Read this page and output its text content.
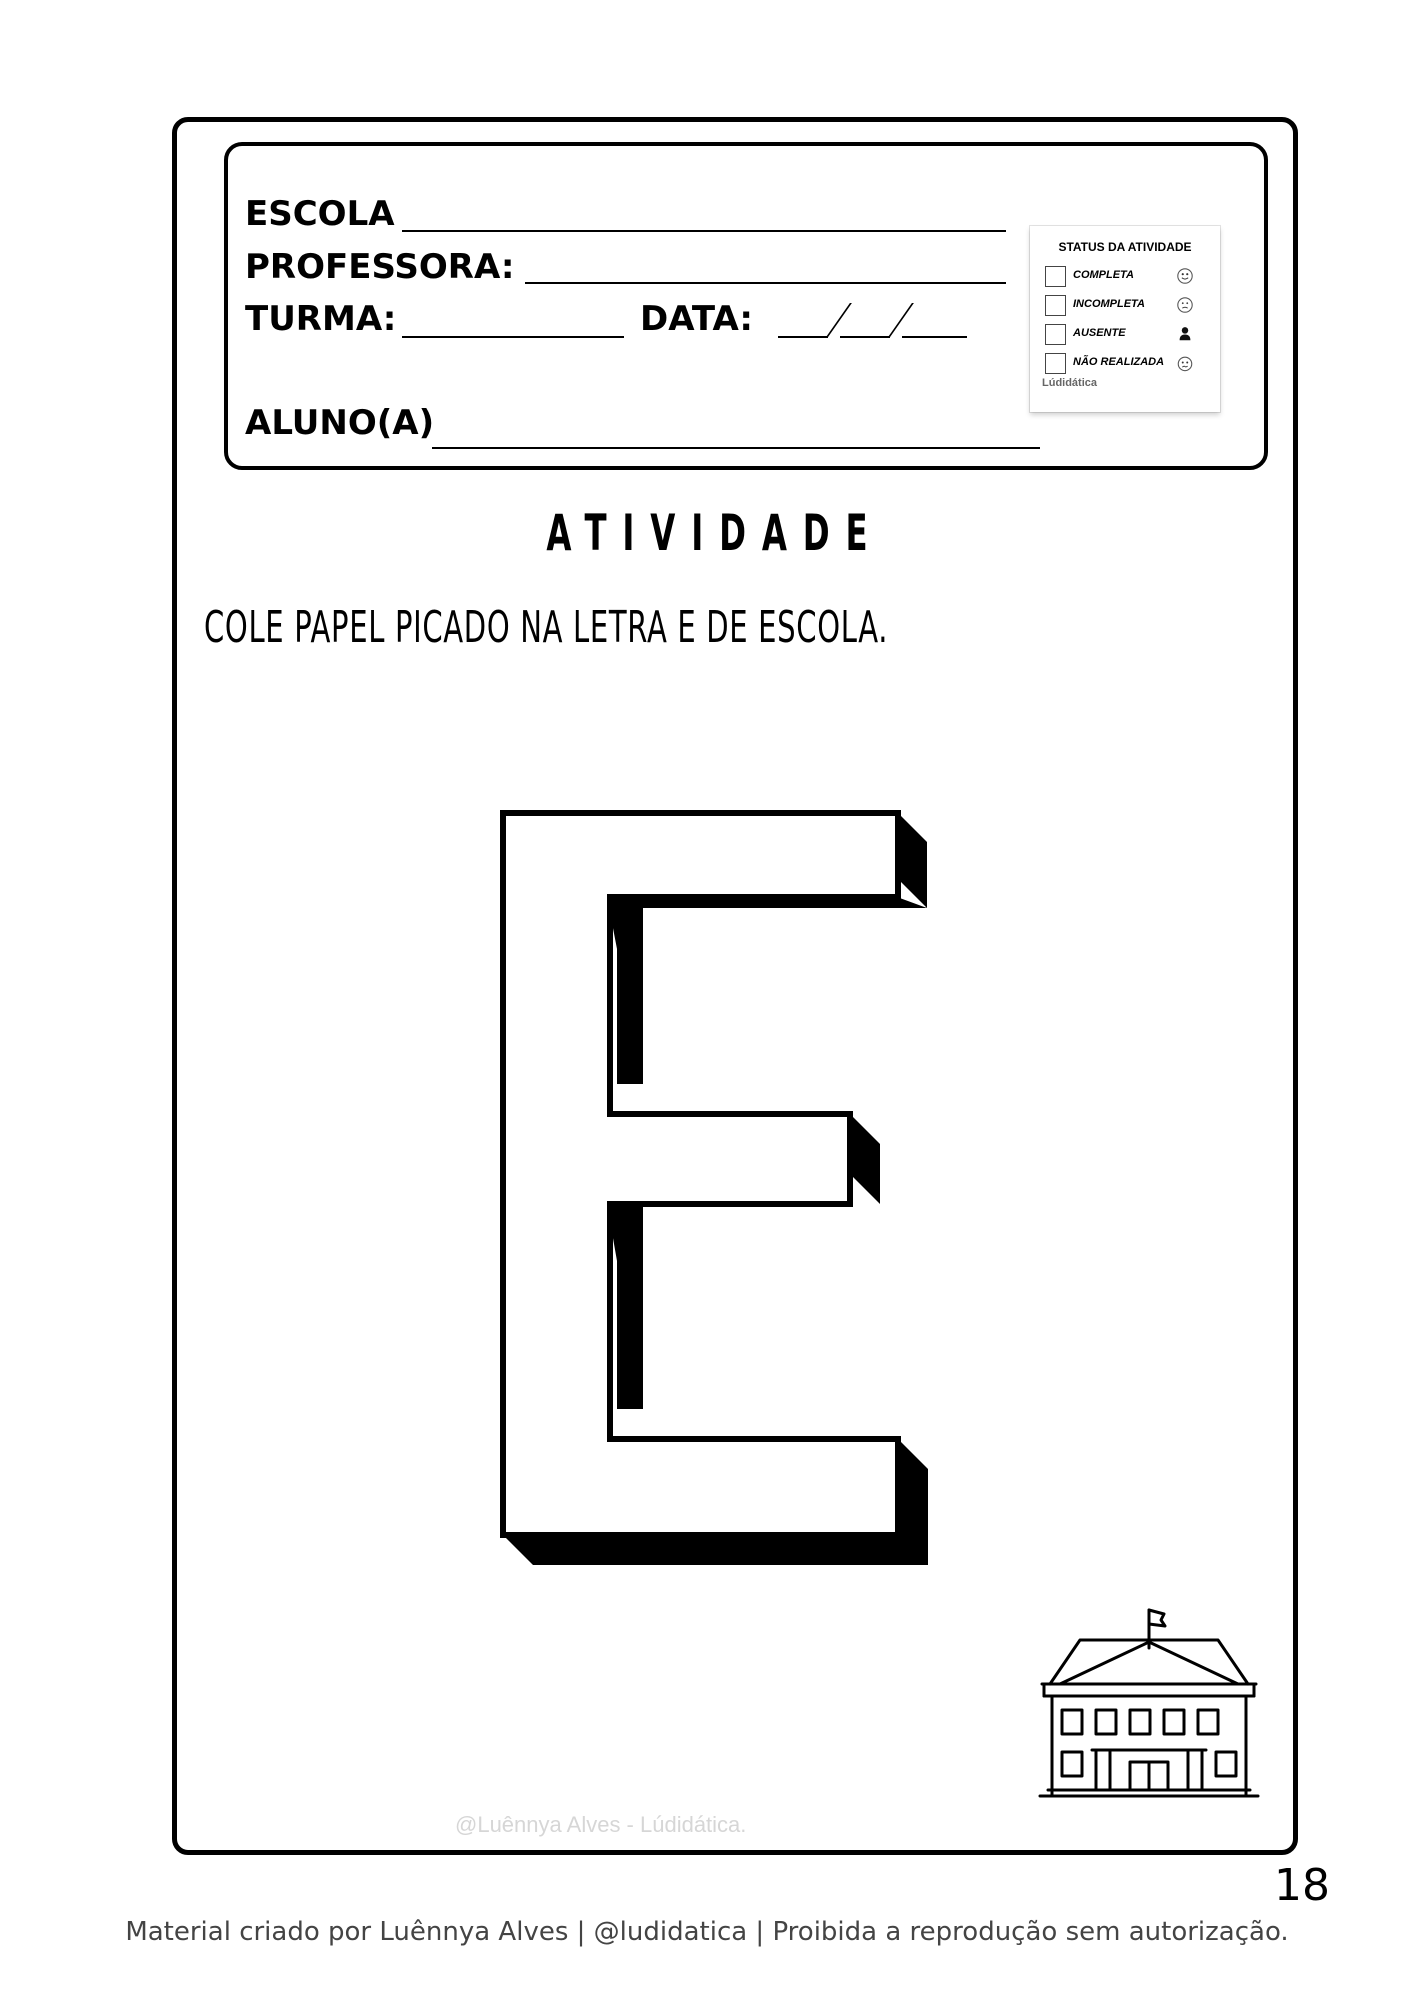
ESCOLA
PROFESSORA:
TURMA:	DATA:
ALUNO(A)
STATUS DA ATIVIDADE
COMPLETA
INCOMPLETA
AUSENTE
NÃO REALIZADA
Lúdidática
ATIVIDADE
COLE PAPEL PICADO NA LETRA E DE ESCOLA.
@Luênnya Alves - Lúdidática.
18
Material criado por Luênnya Alves | @ludidatica | Proibida a reprodução sem autorização.
